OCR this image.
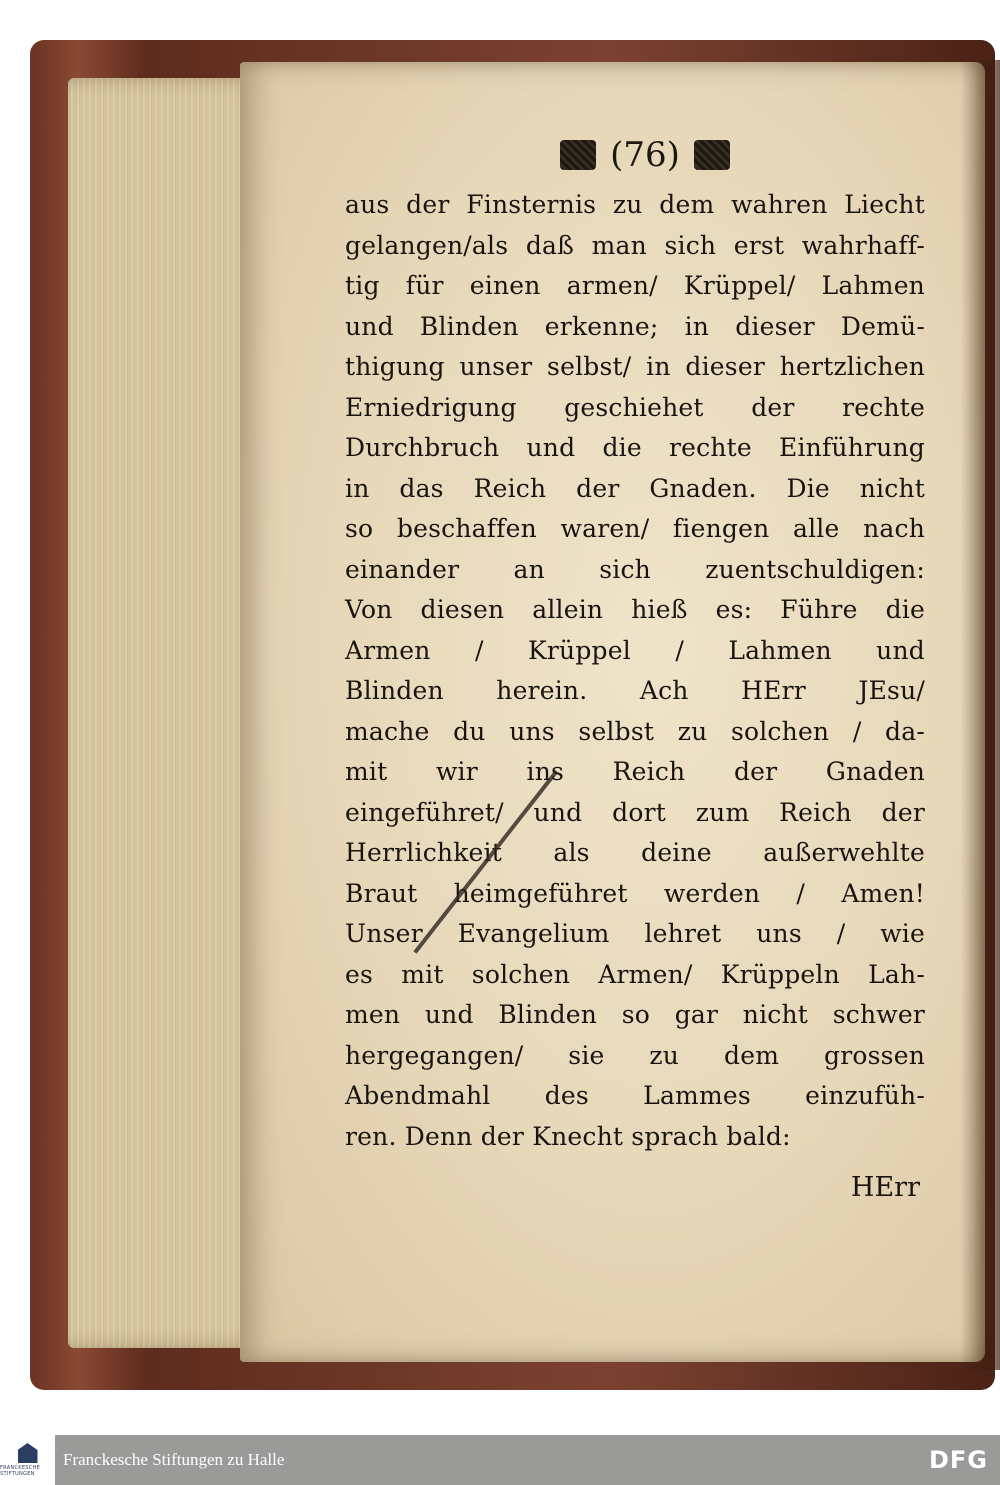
(76)
aus der Finsternis zu dem wahren Liecht
gelangen/als daß man sich erst wahrhaff-
tig für einen armen/ Krüppel/ Lahmen
und Blinden erkenne; in dieser Demü-
thigung unser selbst/ in dieser hertzlichen
Erniedrigung geschiehet der rechte
Durchbruch und die rechte Einführung
in das Reich der Gnaden. Die nicht
so beschaffen waren/ fiengen alle nach
einander an sich zuentschuldigen:
Von diesen allein hieß es: Führe die
Armen / Krüppel / Lahmen und
Blinden herein. Ach HErr JEsu/
mache du uns selbst zu solchen / da-
mit wir ins Reich der Gnaden
eingeführet/ und dort zum Reich der
Herrlichkeit als deine außerwehlte
Braut heimgeführet werden / Amen!
Unser Evangelium lehret uns / wie
es mit solchen Armen/ Krüppeln Lah-
men und Blinden so gar nicht schwer
hergegangen/ sie zu dem grossen
Abendmahl des Lammes einzufüh-
ren. Denn der Knecht sprach bald:
HErr
FRANCKESCHE STIFTUNGEN
Franckesche Stiftungen zu Halle	DFG
